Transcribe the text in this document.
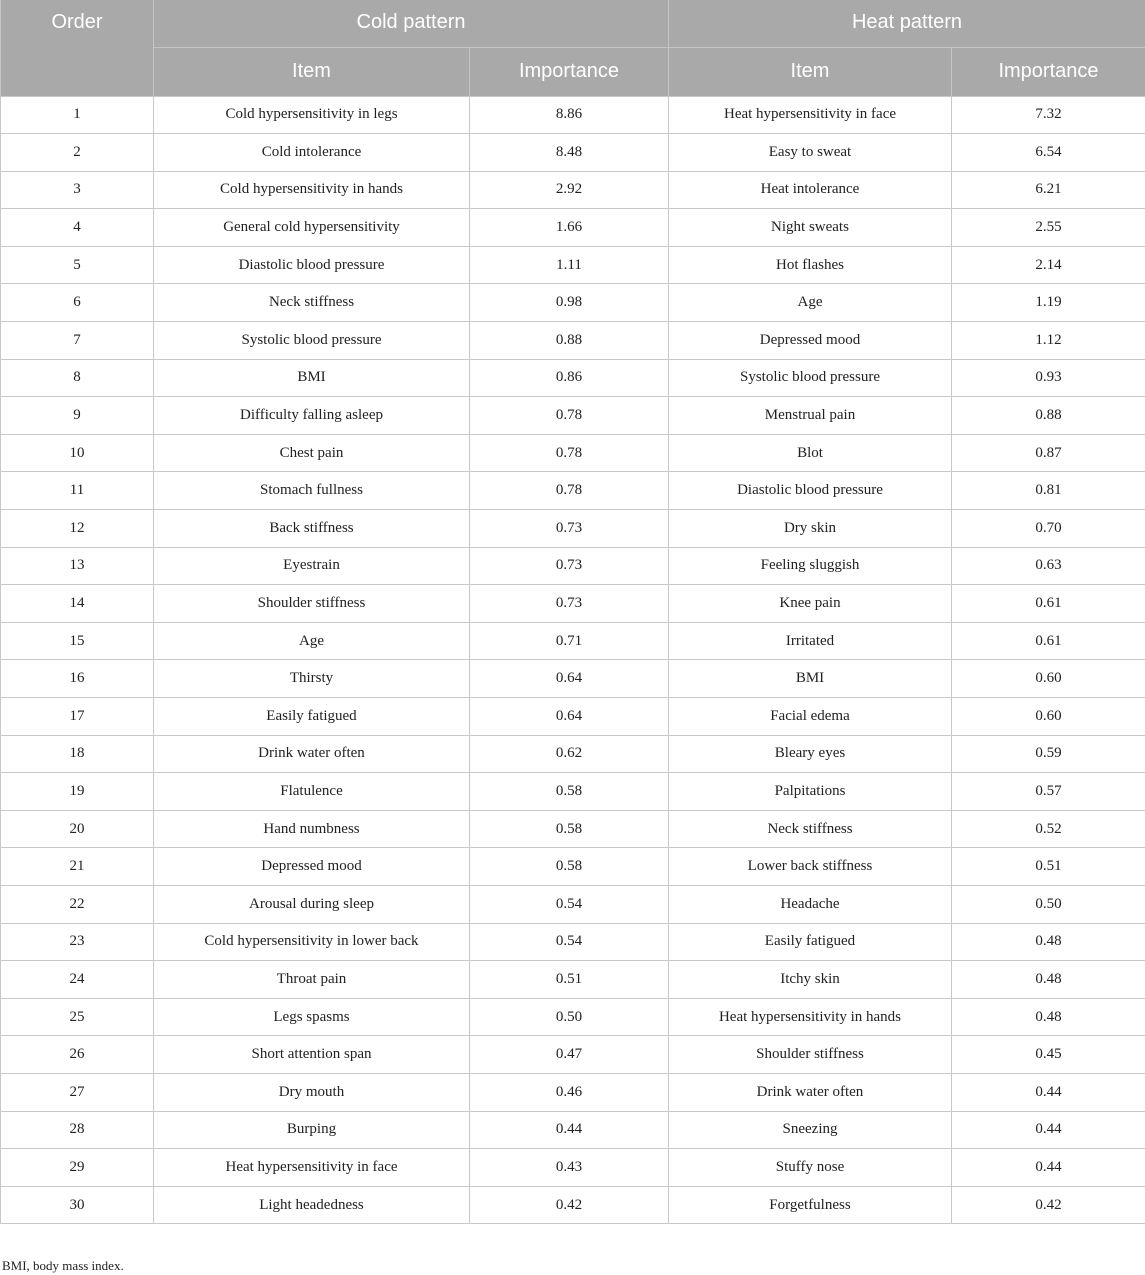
Order	Cold pattern		Heat pattern	
	Item	Importance	Item	Importance
1	Cold hypersensitivity in legs	8.86	Heat hypersensitivity in face	7.32
2	Cold intolerance	8.48	Easy to sweat	6.54
3	Cold hypersensitivity in hands	2.92	Heat intolerance	6.21
4	General cold hypersensitivity	1.66	Night sweats	2.55
5	Diastolic blood pressure	1.11	Hot flashes	2.14
6	Neck stiffness	0.98	Age	1.19
7	Systolic blood pressure	0.88	Depressed mood	1.12
8	BMI	0.86	Systolic blood pressure	0.93
9	Difficulty falling asleep	0.78	Menstrual pain	0.88
10	Chest pain	0.78	Blot	0.87
11	Stomach fullness	0.78	Diastolic blood pressure	0.81
12	Back stiffness	0.73	Dry skin	0.70
13	Eyestrain	0.73	Feeling sluggish	0.63
14	Shoulder stiffness	0.73	Knee pain	0.61
15	Age	0.71	Irritated	0.61
16	Thirsty	0.64	BMI	0.60
17	Easily fatigued	0.64	Facial edema	0.60
18	Drink water often	0.62	Bleary eyes	0.59
19	Flatulence	0.58	Palpitations	0.57
20	Hand numbness	0.58	Neck stiffness	0.52
21	Depressed mood	0.58	Lower back stiffness	0.51
22	Arousal during sleep	0.54	Headache	0.50
23	Cold hypersensitivity in lower back	0.54	Easily fatigued	0.48
24	Throat pain	0.51	Itchy skin	0.48
25	Legs spasms	0.50	Heat hypersensitivity in hands	0.48
26	Short attention span	0.47	Shoulder stiffness	0.45
27	Dry mouth	0.46	Drink water often	0.44
28	Burping	0.44	Sneezing	0.44
29	Heat hypersensitivity in face	0.43	Stuffy nose	0.44
30	Light headedness	0.42	Forgetfulness	0.42
BMI, body mass index.
